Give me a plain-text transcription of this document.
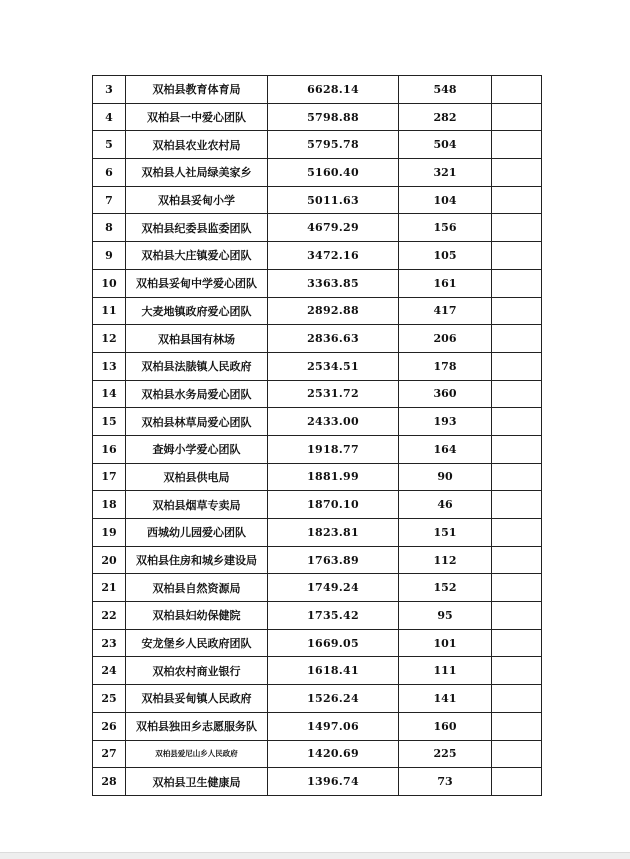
3	双柏县教育体育局	6628.14	548	
4	双柏县一中爱心团队	5798.88	282	
5	双柏县农业农村局	5795.78	504	
6	双柏县人社局绿美家乡	5160.40	321	
7	双柏县妥甸小学	5011.63	104	
8	双柏县纪委县监委团队	4679.29	156	
9	双柏县大庄镇爱心团队	3472.16	105	
10	双柏县妥甸中学爱心团队	3363.85	161	
11	大麦地镇政府爱心团队	2892.88	417	
12	双柏县国有林场	2836.63	206	
13	双柏县法脿镇人民政府	2534.51	178	
14	双柏县水务局爱心团队	2531.72	360	
15	双柏县林草局爱心团队	2433.00	193	
16	查姆小学爱心团队	1918.77	164	
17	双柏县供电局	1881.99	90	
18	双柏县烟草专卖局	1870.10	46	
19	西城幼儿园爱心团队	1823.81	151	
20	双柏县住房和城乡建设局	1763.89	112	
21	双柏县自然资源局	1749.24	152	
22	双柏县妇幼保健院	1735.42	95	
23	安龙堡乡人民政府团队	1669.05	101	
24	双柏农村商业银行	1618.41	111	
25	双柏县妥甸镇人民政府	1526.24	141	
26	双柏县独田乡志愿服务队	1497.06	160	
27	双柏县爱尼山乡人民政府	1420.69	225	
28	双柏县卫生健康局	1396.74	73	
